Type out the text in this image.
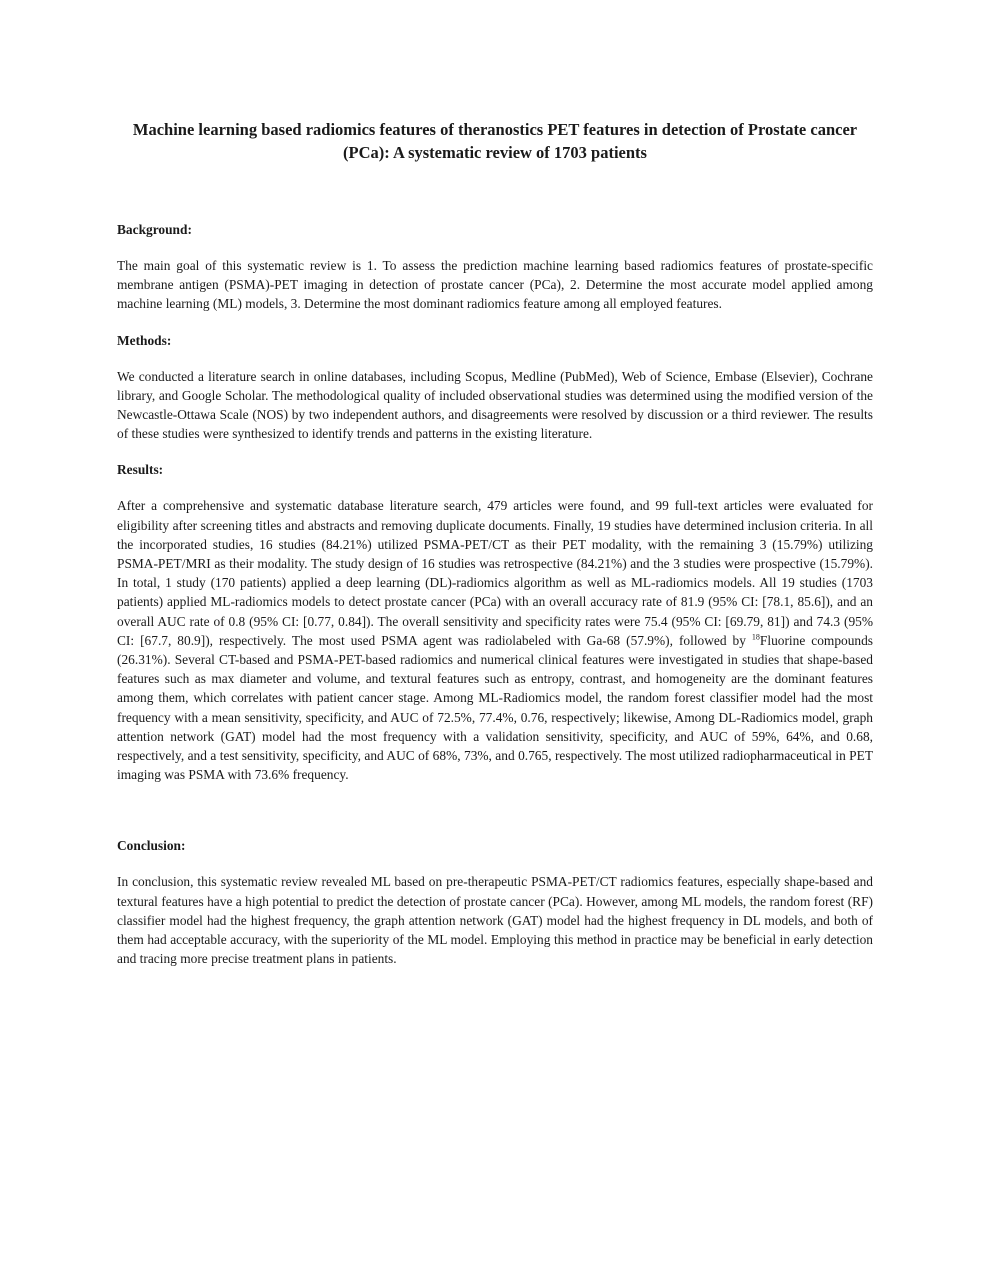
Machine learning based radiomics features of theranostics PET features in detection of Prostate cancer (PCa): A systematic review of 1703 patients
Background:

The main goal of this systematic review is 1. To assess the prediction machine learning based radiomics features of prostate-specific membrane antigen (PSMA)-PET imaging in detection of prostate cancer (PCa), 2. Determine the most accurate model applied among machine learning (ML) models, 3. Determine the most dominant radiomics feature among all employed features.

Methods:

We conducted a literature search in online databases, including Scopus, Medline (PubMed), Web of Science, Embase (Elsevier), Cochrane library, and Google Scholar. The methodological quality of included observational studies was determined using the modified version of the Newcastle-Ottawa Scale (NOS) by two independent authors, and disagreements were resolved by discussion or a third reviewer. The results of these studies were synthesized to identify trends and patterns in the existing literature.

Results:

After a comprehensive and systematic database literature search, 479 articles were found, and 99 full-text articles were evaluated for eligibility after screening titles and abstracts and removing duplicate documents. Finally, 19 studies have determined inclusion criteria. In all the incorporated studies, 16 studies (84.21%) utilized PSMA-PET/CT as their PET modality, with the remaining 3 (15.79%) utilizing PSMA-PET/MRI as their modality. The study design of 16 studies was retrospective (84.21%) and the 3 studies were prospective (15.79%). In total, 1 study (170 patients) applied a deep learning (DL)-radiomics algorithm as well as ML-radiomics models. All 19 studies (1703 patients) applied ML-radiomics models to detect prostate cancer (PCa) with an overall accuracy rate of 81.9 (95% CI: [78.1, 85.6]), and an overall AUC rate of 0.8 (95% CI: [0.77, 0.84]). The overall sensitivity and specificity rates were 75.4 (95% CI: [69.79, 81]) and 74.3 (95% CI: [67.7, 80.9]), respectively. The most used PSMA agent was radiolabeled with Ga-68 (57.9%), followed by $^{18}$Fluorine compounds (26.31%). Several CT-based and PSMA-PET-based radiomics and numerical clinical features were investigated in studies that shape-based features such as max diameter and volume, and textural features such as entropy, contrast, and homogeneity are the dominant features among them, which correlates with patient cancer stage. Among ML-Radiomics model, the random forest classifier model had the most frequency with a mean sensitivity, specificity, and AUC of 72.5%, 77.4%, 0.76, respectively; likewise, Among DL-Radiomics model, graph attention network (GAT) model had the most frequency with a validation sensitivity, specificity, and AUC of 59%, 64%, and 0.68, respectively, and a test sensitivity, specificity, and AUC of 68%, 73%, and 0.765, respectively. The most utilized radiopharmaceutical in PET imaging was PSMA with 73.6% frequency.

Conclusion:

In conclusion, this systematic review revealed ML based on pre-therapeutic PSMA-PET/CT radiomics features, especially shape-based and textural features have a high potential to predict the detection of prostate cancer (PCa). However, among ML models, the random forest (RF) classifier model had the highest frequency, the graph attention network (GAT) model had the highest frequency in DL models, and both of them had acceptable accuracy, with the superiority of the ML model. Employing this method in practice may be beneficial in early detection and tracing more precise treatment plans in patients.
